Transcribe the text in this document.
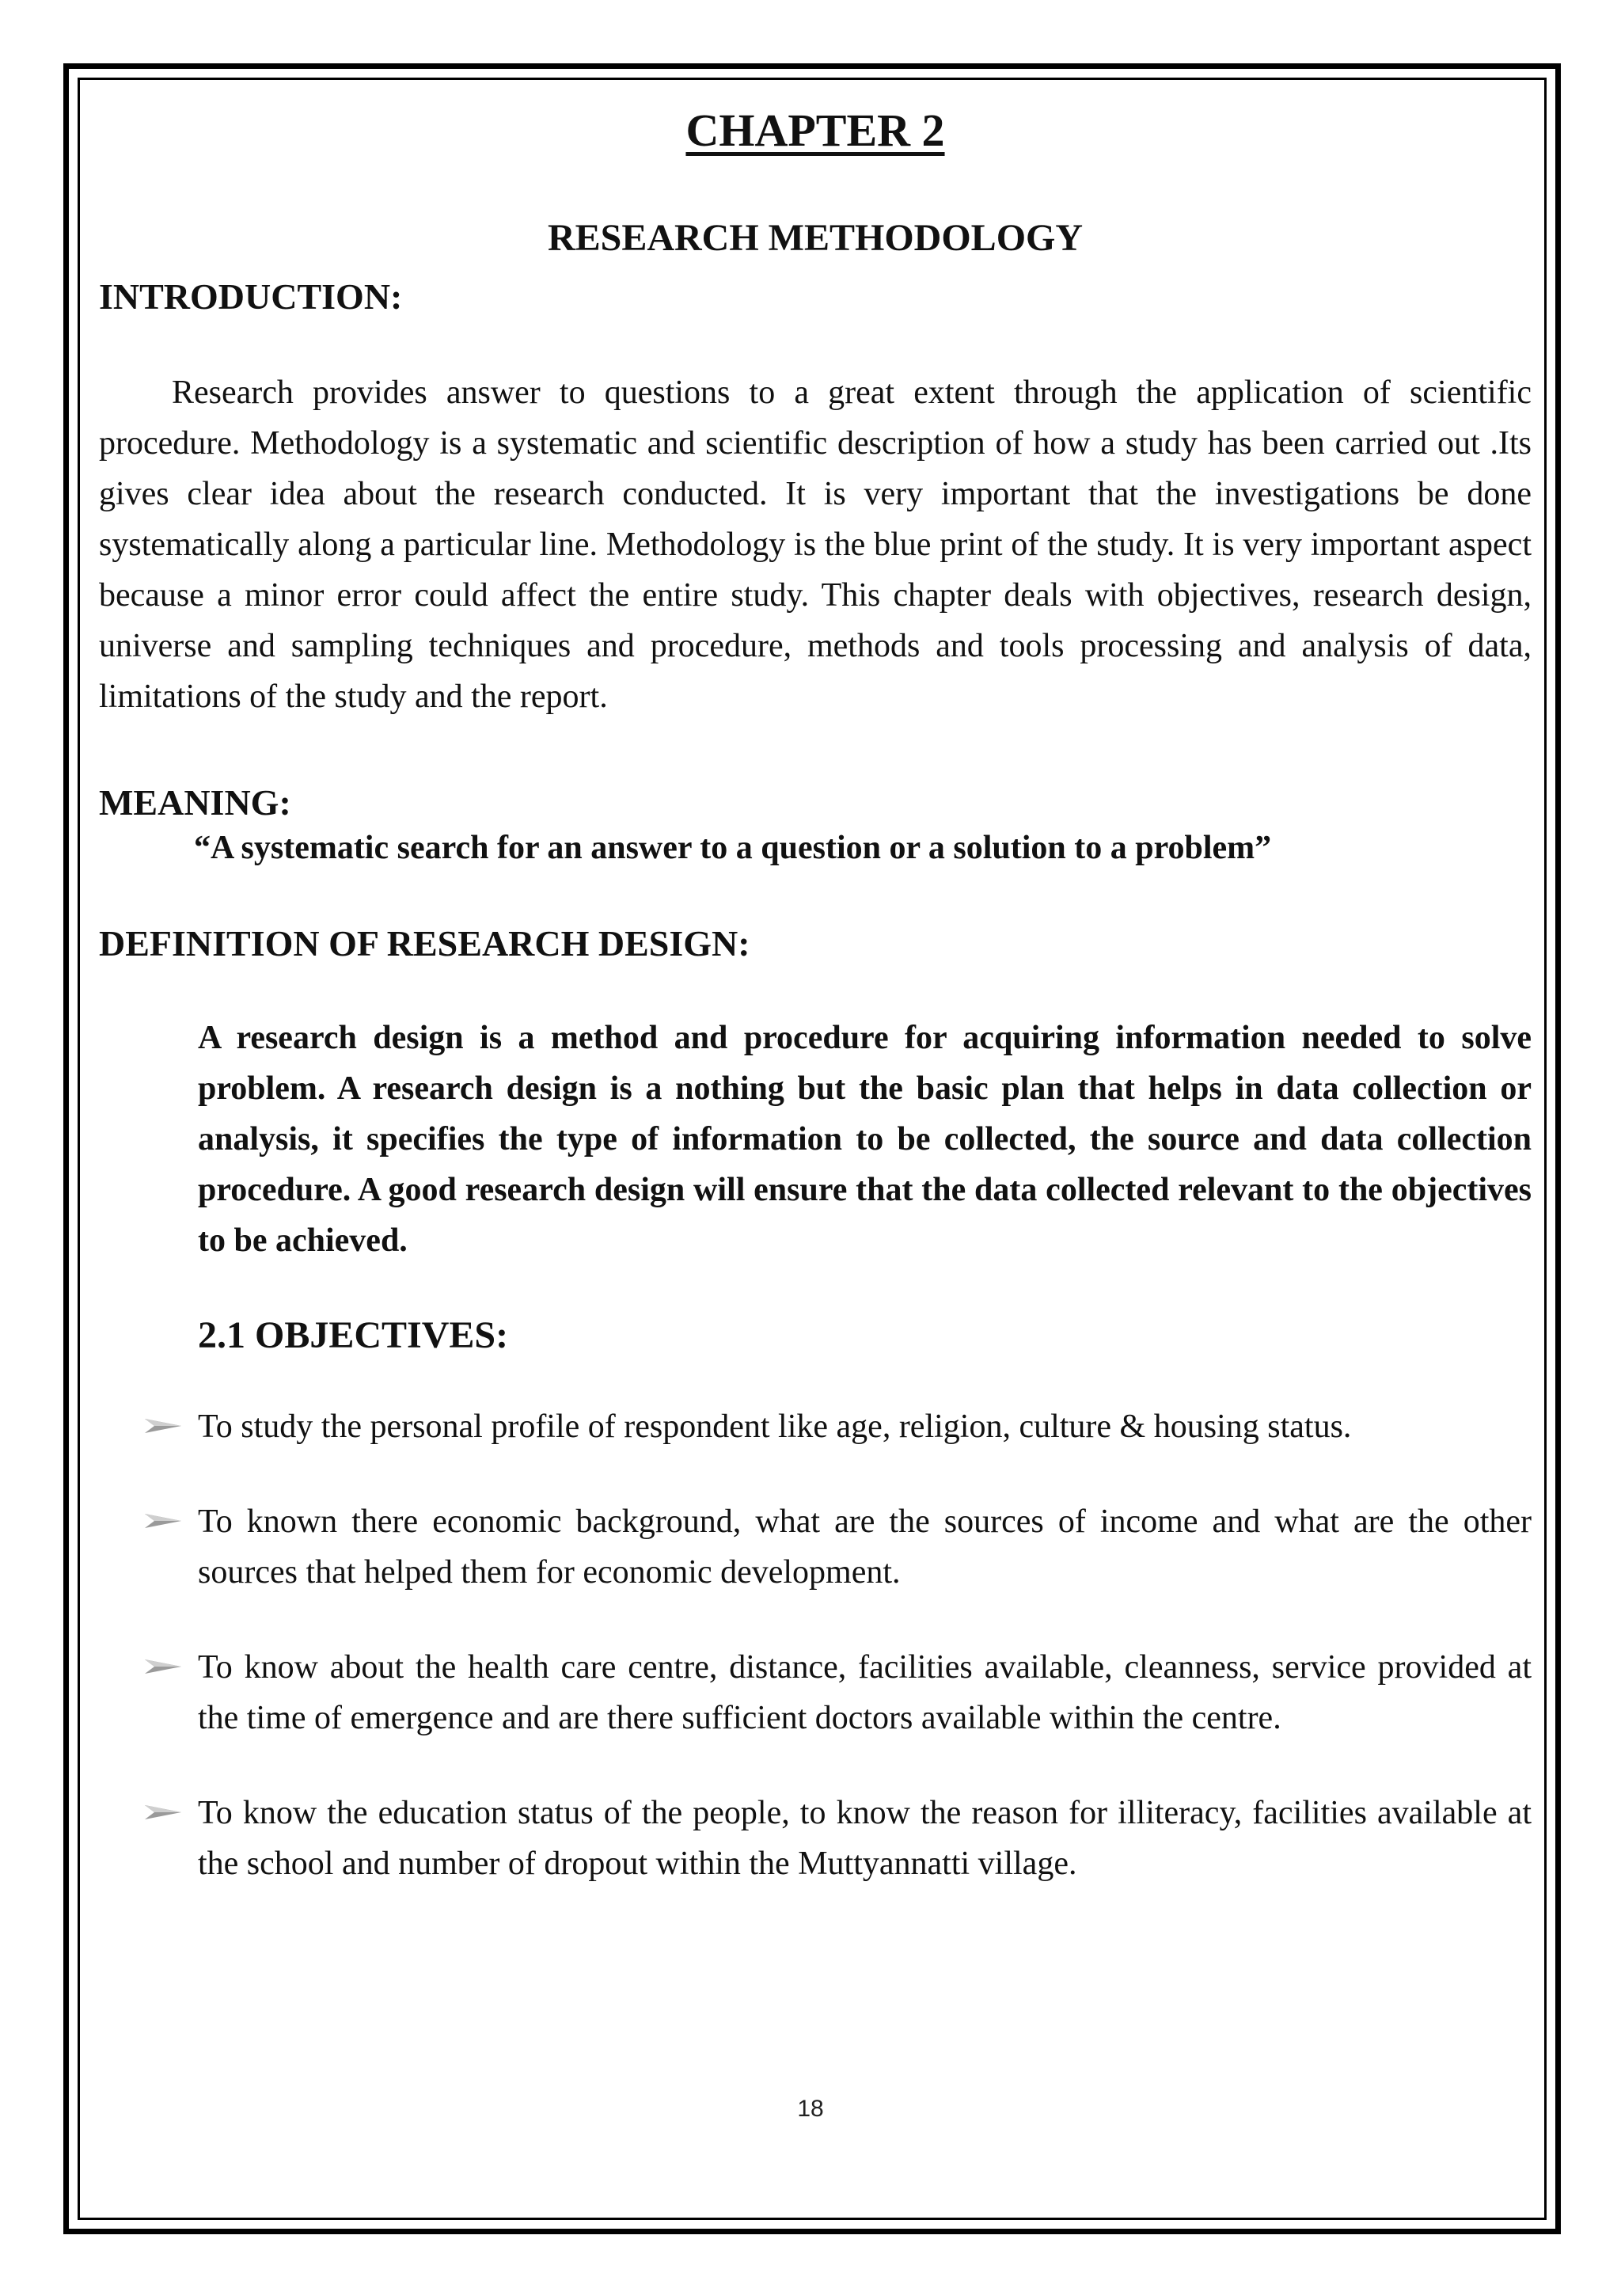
CHAPTER 2
RESEARCH METHODOLOGY
INTRODUCTION:

Research provides answer to questions to a great extent through the application of scientific procedure. Methodology is a systematic and scientific description of how a study has been carried out .Its gives clear idea about the research conducted. It is very important that the investigations be done systematically along a particular line. Methodology is the blue print of the study. It is very important aspect because a minor error could affect the entire study. This chapter deals with objectives, research design, universe and sampling techniques and procedure, methods and tools processing and analysis of data, limitations of the study and the report.

MEANING:

“A systematic search for an answer to a question or a solution to a problem”

DEFINITION OF RESEARCH DESIGN:

A research design is a method and procedure for acquiring information needed to solve problem. A research design is a nothing but the basic plan that helps in data collection or analysis, it specifies the type of information to be collected, the source and data collection procedure. A good research design will ensure that the data collected relevant to the objectives to be achieved.

2.1 OBJECTIVES:
To study the personal profile of respondent like age, religion, culture & housing status.
To known there economic background, what are the sources of income and what are the other sources that helped them for economic development.
To know about the health care centre, distance, facilities available, cleanness, service provided at the time of emergence and are there sufficient doctors available within the centre.
To know the education status of the people, to know the reason for illiteracy, facilities available at the school and number of dropout within the Muttyannatti village.
18
